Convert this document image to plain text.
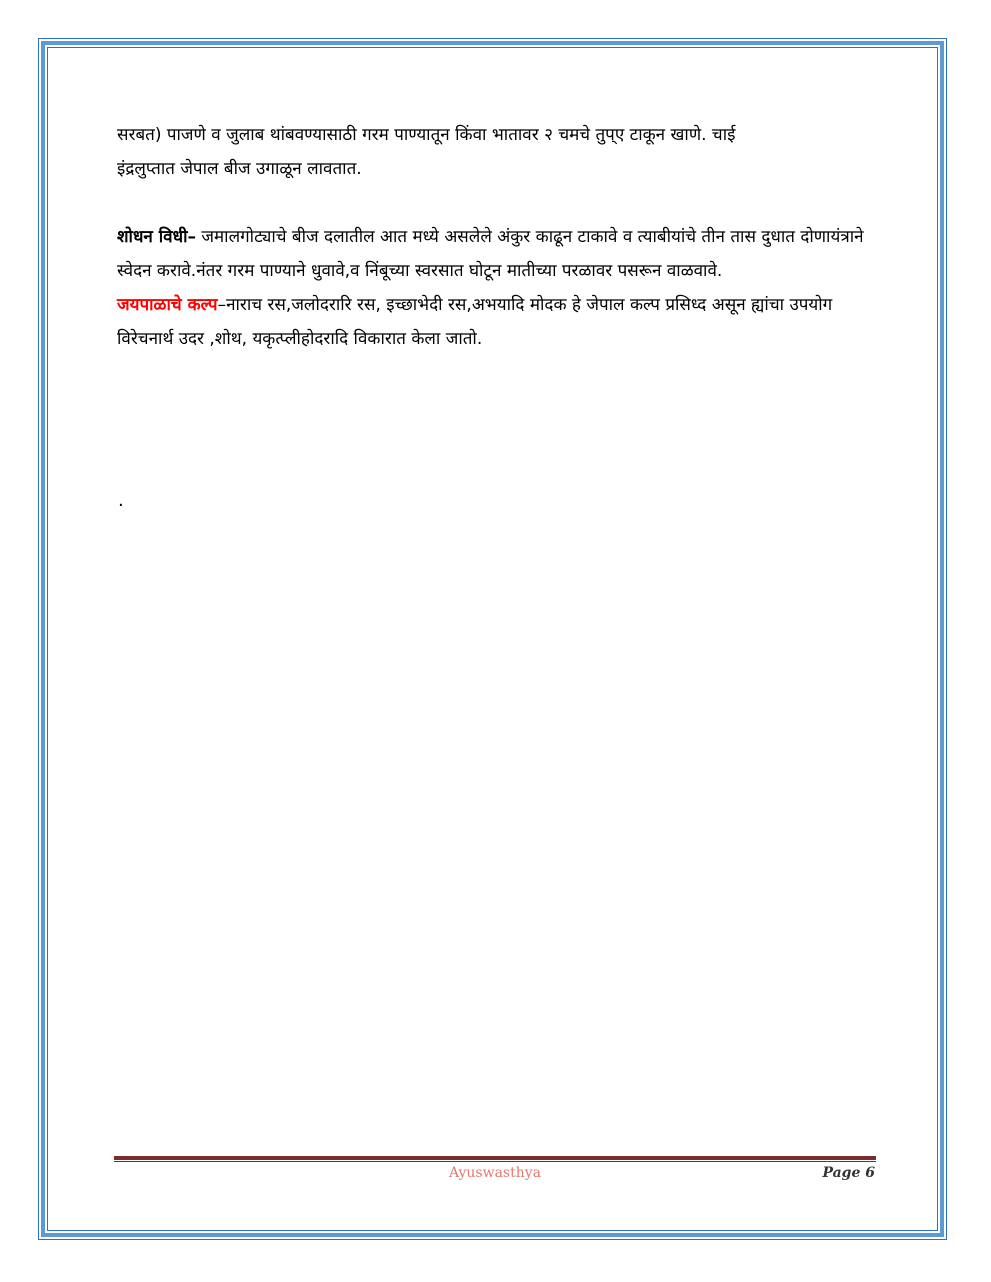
सरबत) पाजणे व जुलाब थांबवण्यासाठी गरम पाण्यातून किंवा भातावर २ चमचे तुप्ए टाकून खाणे. चाई
इंद्रलुप्तात जेपाल बीज उगाळून लावतात.

शोधन विधी– जमालगोट्याचे बीज दलातील आत मध्ये असलेले अंकुर काढून टाकावे व त्याबीयांचे तीन तास दुधात दोणायंत्राने स्वेदन करावे.नंतर गरम पाण्याने धुवावे,व निंबूच्या स्वरसात घोटून मातीच्या परळावर पसरून वाळवावे.

जयपाळाचे कल्प–नाराच रस,जलोदरारि रस, इच्छाभेदी रस,अभयादि मोदक हे जेपाल कल्प प्रसिध्द असून ह्यांचा उपयोग विरेचनार्थ उदर ,शोथ, यकृत्प्लीहोदरादि विकारात केला जातो.

.
Ayuswasthya	Page 6
